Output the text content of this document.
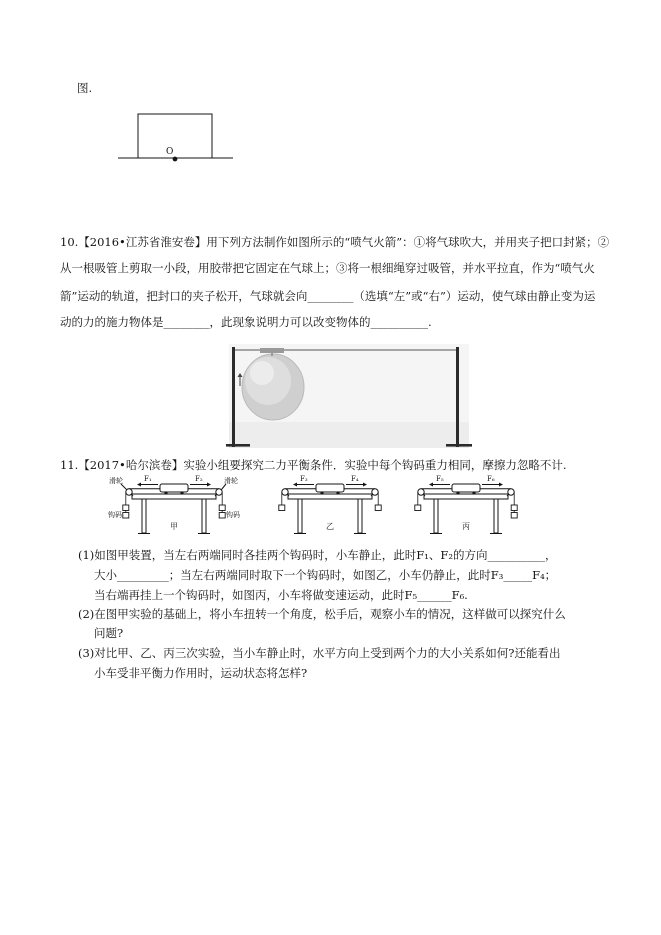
图.
O
10.【2016•江苏省淮安卷】用下列方法制作如图所示的“喷气火箭”：①将气球吹大，并用夹子把口封紧；②
从一根吸管上剪取一小段，用胶带把它固定在气球上；③将一根细绳穿过吸管，并水平拉直，作为“喷气火
箭”运动的轨道，把封口的夹子松开，气球就会向________（选填“左”或“右”）运动，使气球由静止变为运
动的力的施力物体是________，此现象说明力可以改变物体的__________.
11.【2017•哈尔滨卷】实验小组要探究二力平衡条件．实验中每个钩码重力相同，摩擦力忽略不计.
F₁	F₂
滑轮	滑轮
钩码	钩码
甲
F₃	F₄
乙
F₅	F₆
丙
(1)如图甲装置，当左右两端同时各挂两个钩码时，小车静止，此时F₁、F₂的方向__________，
大小_________；当左右两端同时取下一个钩码时，如图乙，小车仍静止，此时F₃_____F₄；
当右端再挂上一个钩码时，如图丙，小车将做变速运动，此时F₅______F₆.
(2)在图甲实验的基础上，将小车扭转一个角度，松手后，观察小车的情况，这样做可以探究什么
问题?
(3)对比甲、乙、丙三次实验，当小车静止时，水平方向上受到两个力的大小关系如何?还能看出
小车受非平衡力作用时，运动状态将怎样?
